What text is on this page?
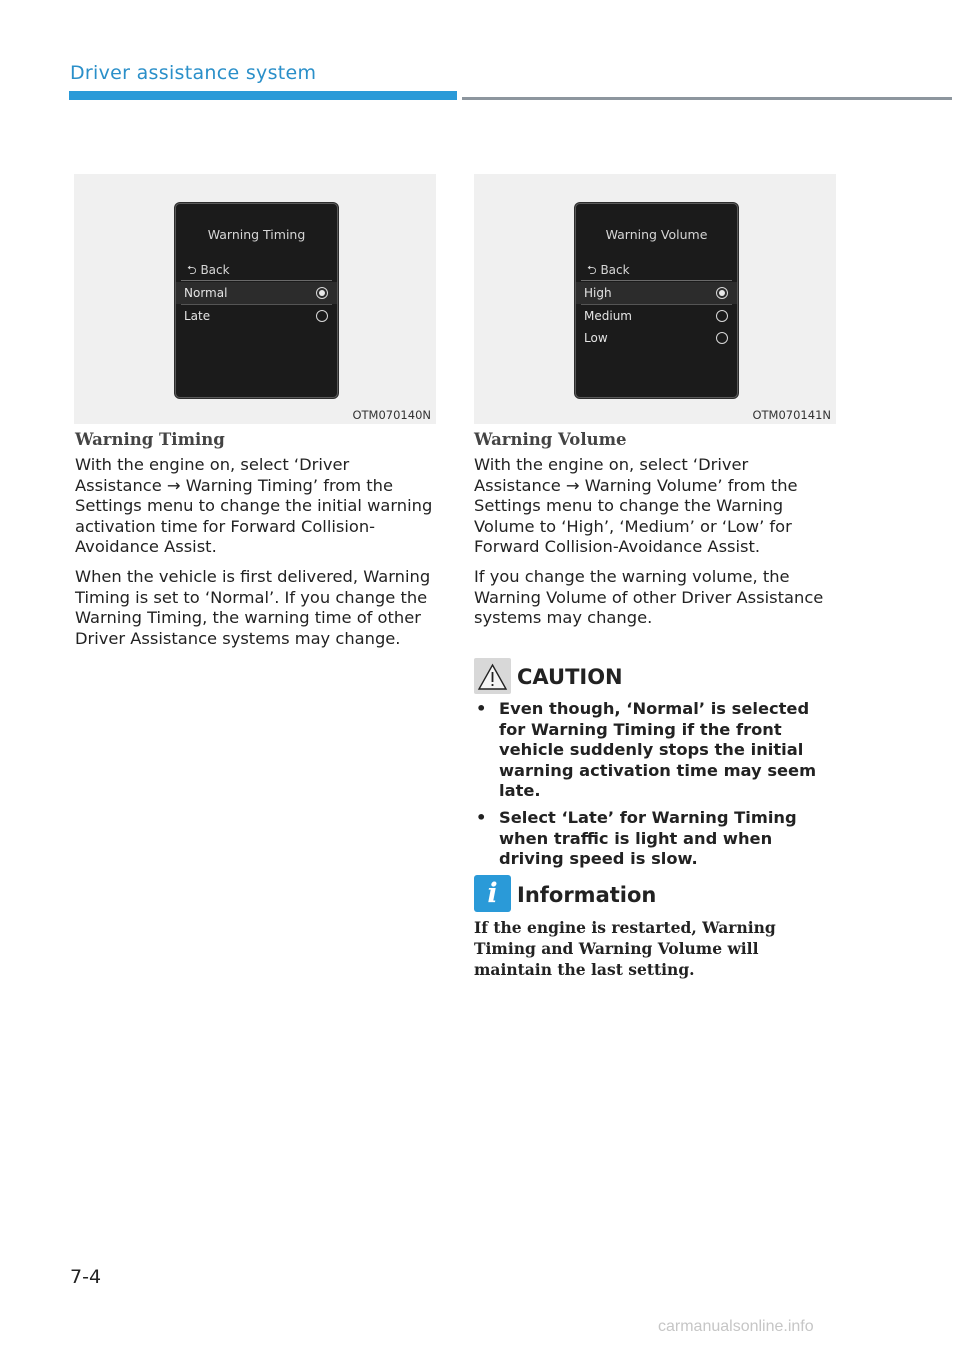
Driver assistance system
Warning Timing
⮌ Back
Normal
Late
OTM070140N
Warning Volume
⮌ Back
High
Medium
Low
OTM070141N
Warning Timing

With the engine on, select ‘Driver Assistance → Warning Timing’ from the Settings menu to change the initial warning activation time for Forward Collision-Avoidance Assist.

When the vehicle is first delivered, Warning Timing is set to ‘Normal’. If you change the Warning Timing, the warning time of other Driver Assistance systems may change.

Warning Volume

With the engine on, select ‘Driver Assistance → Warning Volume’ from the Settings menu to change the Warning Volume to ‘High’, ‘Medium’ or ‘Low’ for Forward Collision-Avoidance Assist.

If you change the warning volume, the Warning Volume of other Driver Assistance systems may change.

CAUTION
• Even though, ‘Normal’ is selected for Warning Timing if the front vehicle suddenly stops the initial warning activation time may seem late.
• Select ‘Late’ for Warning Timing when traffic is light and when driving speed is slow.
i Information

If the engine is restarted, Warning Timing and Warning Volume will maintain the last setting.

7-4
carmanualsonline.info
